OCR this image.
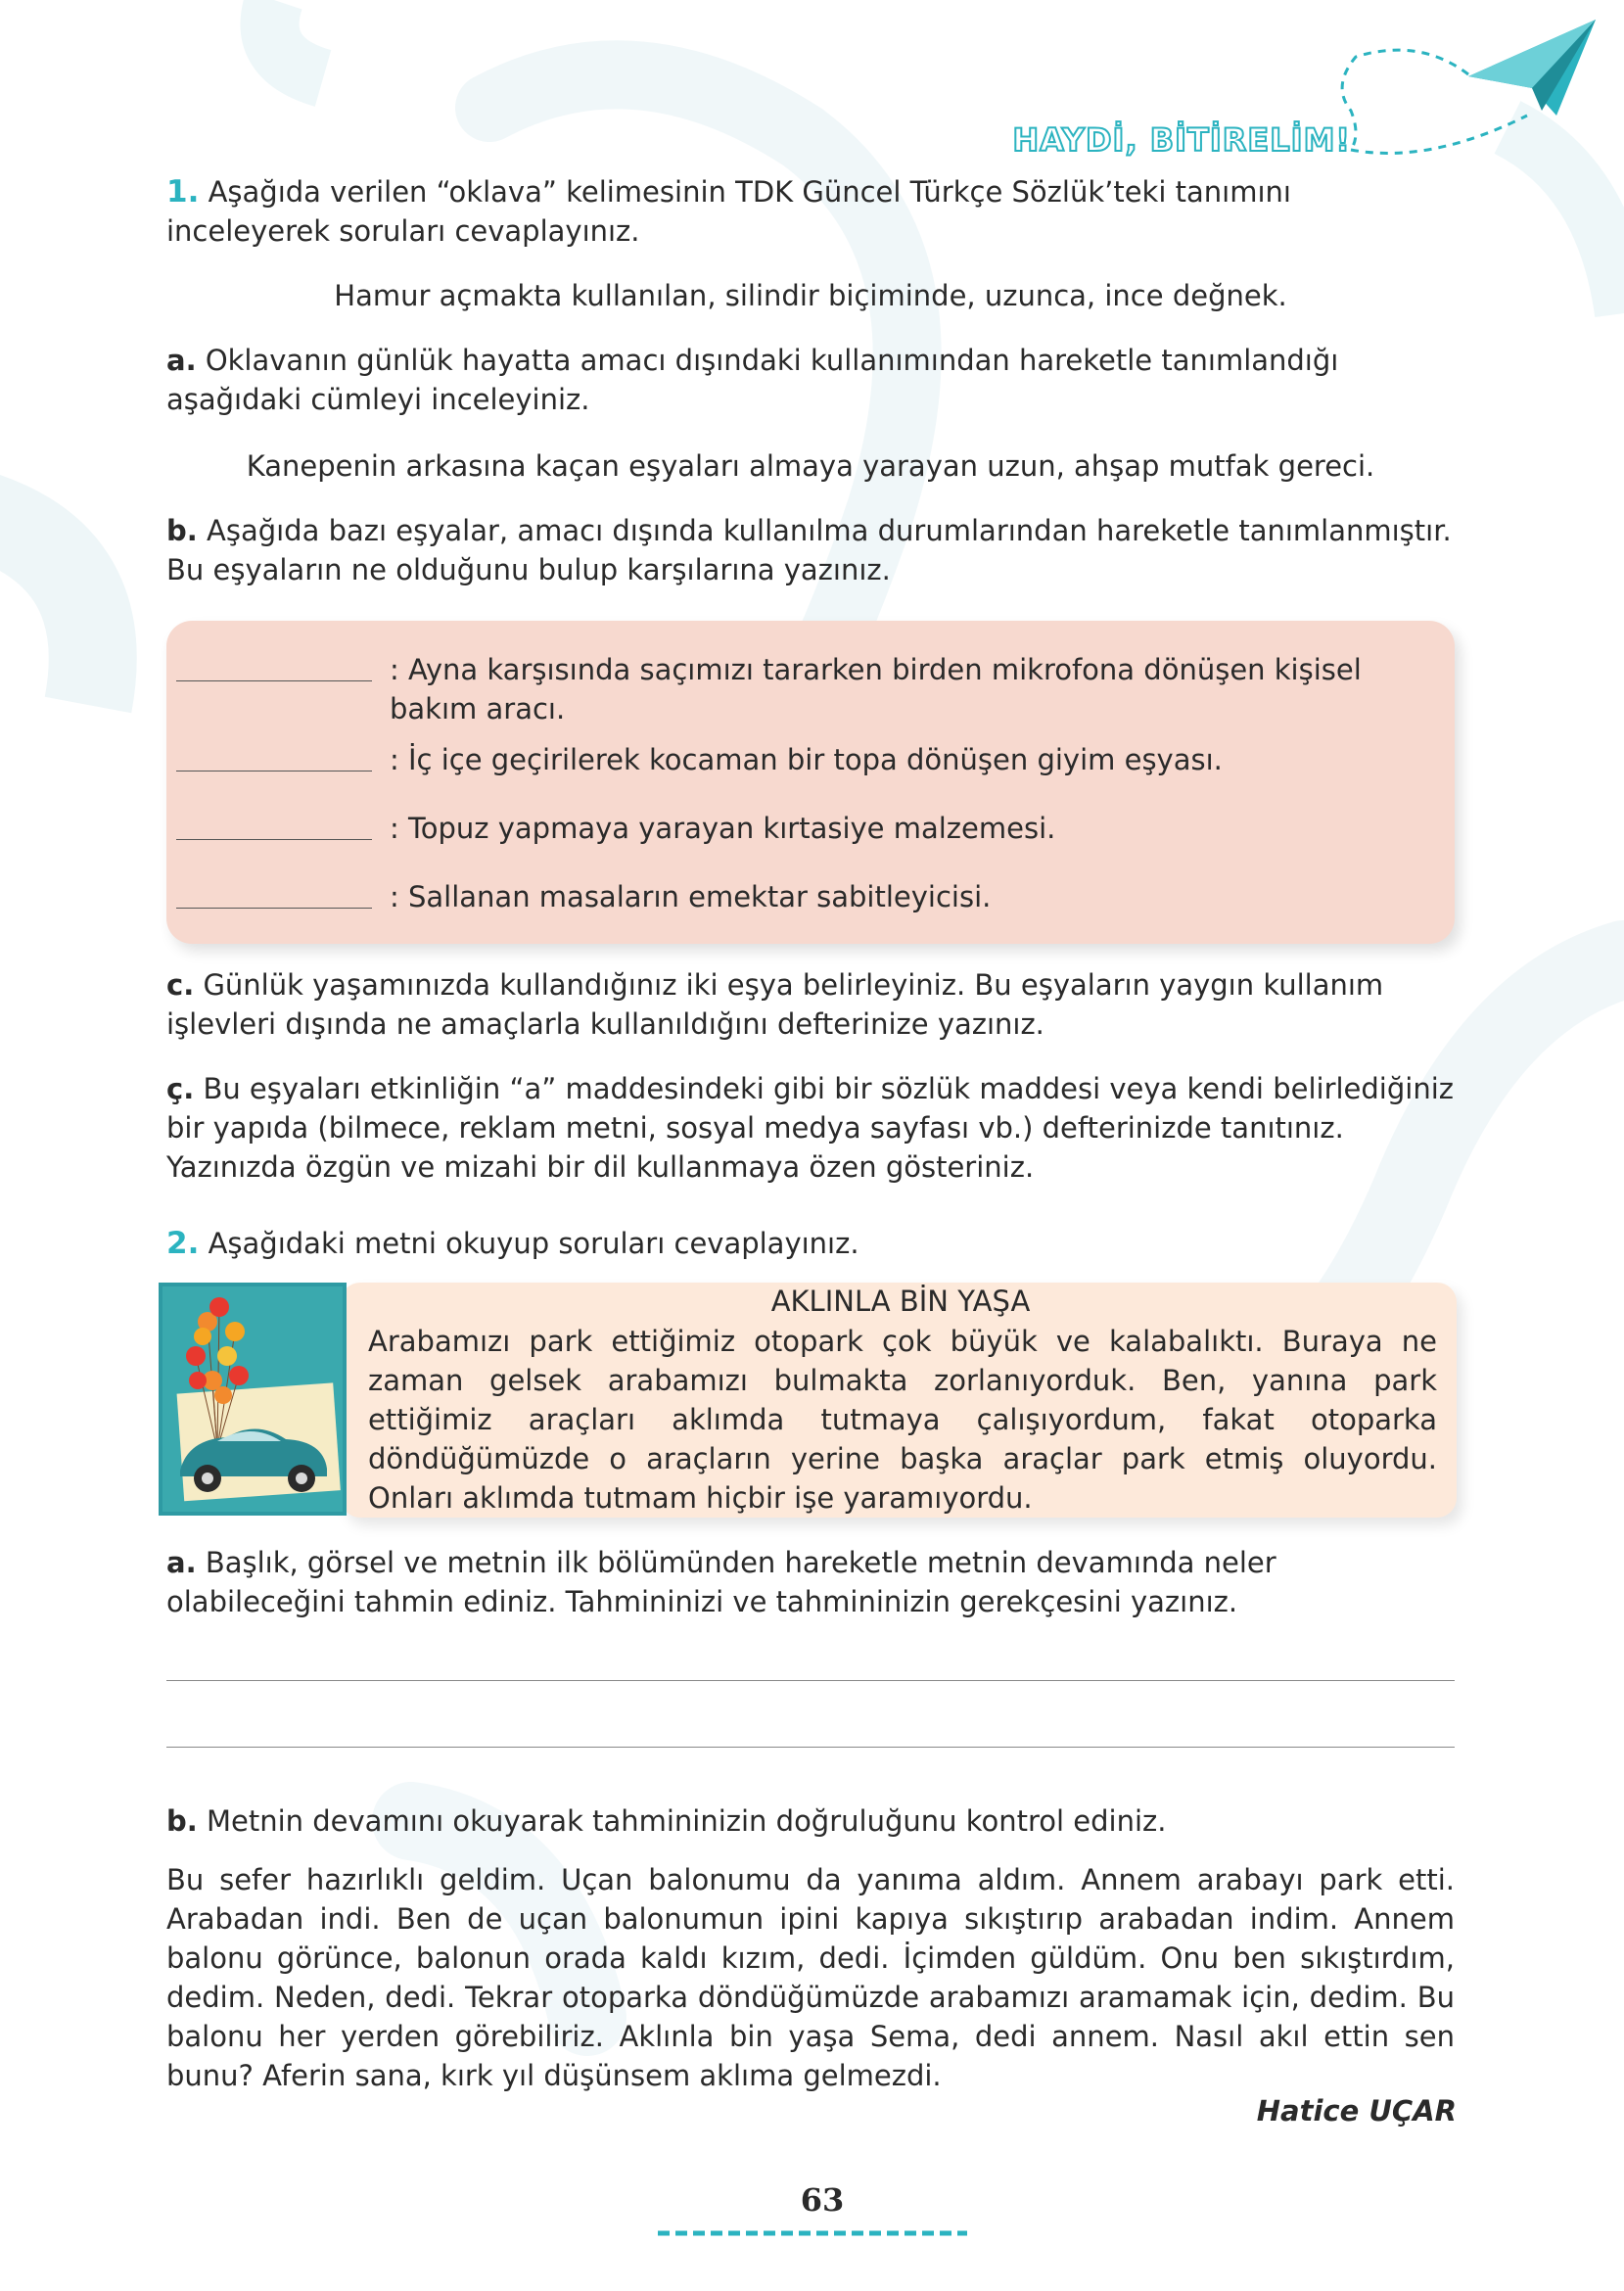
HAYDİ, BİTİRELİM!
1. Aşağıda verilen “oklava” kelimesinin TDK Güncel Türkçe Sözlük’teki tanımını inceleyerek soruları cevaplayınız.
Hamur açmakta kullanılan, silindir biçiminde, uzunca, ince değnek.
a. Oklavanın günlük hayatta amacı dışındaki kullanımından hareketle tanımlandığı aşağıdaki cümleyi inceleyiniz.
Kanepenin arkasına kaçan eşyaları almaya yarayan uzun, ahşap mutfak gereci.
b. Aşağıda bazı eşyalar, amacı dışında kullanılma durumlarından hareketle tanımlanmıştır. Bu eşyaların ne olduğunu bulup karşılarına yazınız.
: Ayna karşısında saçımızı tararken birden mikrofona dönüşen kişisel bakım aracı.
: İç içe geçirilerek kocaman bir topa dönüşen giyim eşyası.
: Topuz yapmaya yarayan kırtasiye malzemesi.
: Sallanan masaların emektar sabitleyicisi.
c. Günlük yaşamınızda kullandığınız iki eşya belirleyiniz. Bu eşyaların yaygın kullanım işlevleri dışında ne amaçlarla kullanıldığını defterinize yazınız.
ç. Bu eşyaları etkinliğin “a” maddesindeki gibi bir sözlük maddesi veya kendi belirlediğiniz bir yapıda (bilmece, reklam metni, sosyal medya sayfası vb.) defterinizde tanıtınız. Yazınızda özgün ve mizahi bir dil kullanmaya özen gösteriniz.
2. Aşağıdaki metni okuyup soruları cevaplayınız.
AKLINLA BİN YAŞA
Arabamızı park ettiğimiz otopark çok büyük ve kalabalıktı. Buraya ne zaman gelsek arabamızı bulmakta zorlanıyorduk. Ben, yanına park ettiğimiz araçları aklımda tutmaya çalışıyordum, fakat otoparka döndüğümüzde o araçların yerine başka araçlar park etmiş oluyordu. Onları aklımda tutmam hiçbir işe yaramıyordu.
a. Başlık, görsel ve metnin ilk bölümünden hareketle metnin devamında neler olabileceğini tahmin ediniz. Tahmininizi ve tahmininizin gerekçesini yazınız.
b. Metnin devamını okuyarak tahmininizin doğruluğunu kontrol ediniz.
Bu sefer hazırlıklı geldim. Uçan balonumu da yanıma aldım. Annem arabayı park etti. Arabadan indi. Ben de uçan balonumun ipini kapıya sıkıştırıp arabadan indim. Annem balonu görünce, balonun orada kaldı kızım, dedi. İçimden güldüm. Onu ben sıkıştırdım, dedim. Neden, dedi. Tekrar otoparka döndüğümüzde arabamızı aramamak için, dedim. Bu balonu her yerden görebiliriz. Aklınla bin yaşa Sema, dedi annem. Nasıl akıl ettin sen bunu? Aferin sana, kırk yıl düşünsem aklıma gelmezdi.
Hatice UÇAR
63
